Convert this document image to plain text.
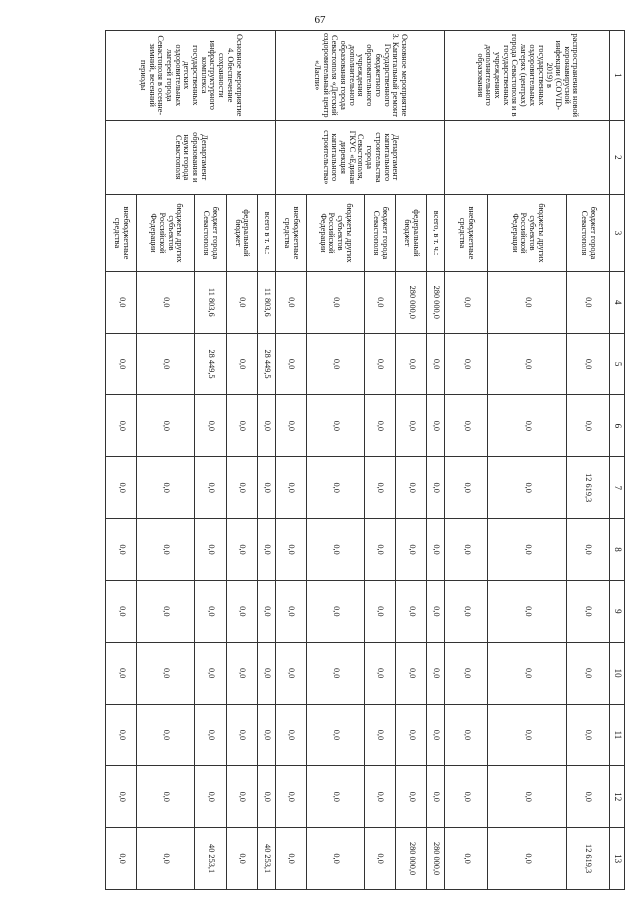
67
1	2	3	4	5	6	7	8	9	10	11	12	13
распространения новой коронавирусной инфекции (COVID-2019) в государственных оздоровительных лагерях (центрах) города Севастополя и в государственных учреждениях дополнительного образования		бюджет города Севастополя	0,0	0,0	0,0	12 619,3	0,0	0,0	0,0	0,0	0,0	12 619,3
		бюджеты других субъектов Российской Федерации	0,0	0,0	0,0	0,0	0,0	0,0	0,0	0,0	0,0	0,0
		внебюджетные средства	0,0	0,0	0,0	0,0	0,0	0,0	0,0	0,0	0,0	0,0
Основное мероприятие 3. Капитальный ремонт Государственного бюджетного образовательного учреждения дополнительного образования города Севастополя «Детский оздоровительный центр «Ласпи»	Департамент капитального строительства города Севастополя, ГКУС «Единая дирекция капитального строительства»	всего, в т. ч.:	280 000,0	0,0	0,0	0,0	0,0	0,0	0,0	0,0	0,0	280 000,0
		федеральный бюджет	280 000,0	0,0	0,0	0,0	0,0	0,0	0,0	0,0	0,0	280 000,0
		бюджет города Севастополя	0,0	0,0	0,0	0,0	0,0	0,0	0,0	0,0	0,0	0,0
		бюджеты других субъектов Российской Федерации	0,0	0,0	0,0	0,0	0,0	0,0	0,0	0,0	0,0	0,0
		внебюджетные средства	0,0	0,0	0,0	0,0	0,0	0,0	0,0	0,0	0,0	0,0
Основное мероприятие 4. Обеспечение сохранности инфраструктурного комплекса государственных детских оздоровительных лагерей города Севастополя в осенне-зимний, весенний периоды	Департамент образования и науки города Севастополя	всего в т. ч.:	11 803,6	28 449,5	0,0	0,0	0,0	0,0	0,0	0,0	0,0	40 253,1
		федеральный бюджет	0,0	0,0	0,0	0,0	0,0	0,0	0,0	0,0	0,0	0,0
		бюджет города Севастополя	11 803,6	28 449,5	0,0	0,0	0,0	0,0	0,0	0,0	0,0	40 253,1
		бюджеты других субъектов Российской Федерации	0,0	0,0	0,0	0,0	0,0	0,0	0,0	0,0	0,0	0,0
		внебюджетные средства	0,0	0,0	0,0	0,0	0,0	0,0	0,0	0,0	0,0	0,0
